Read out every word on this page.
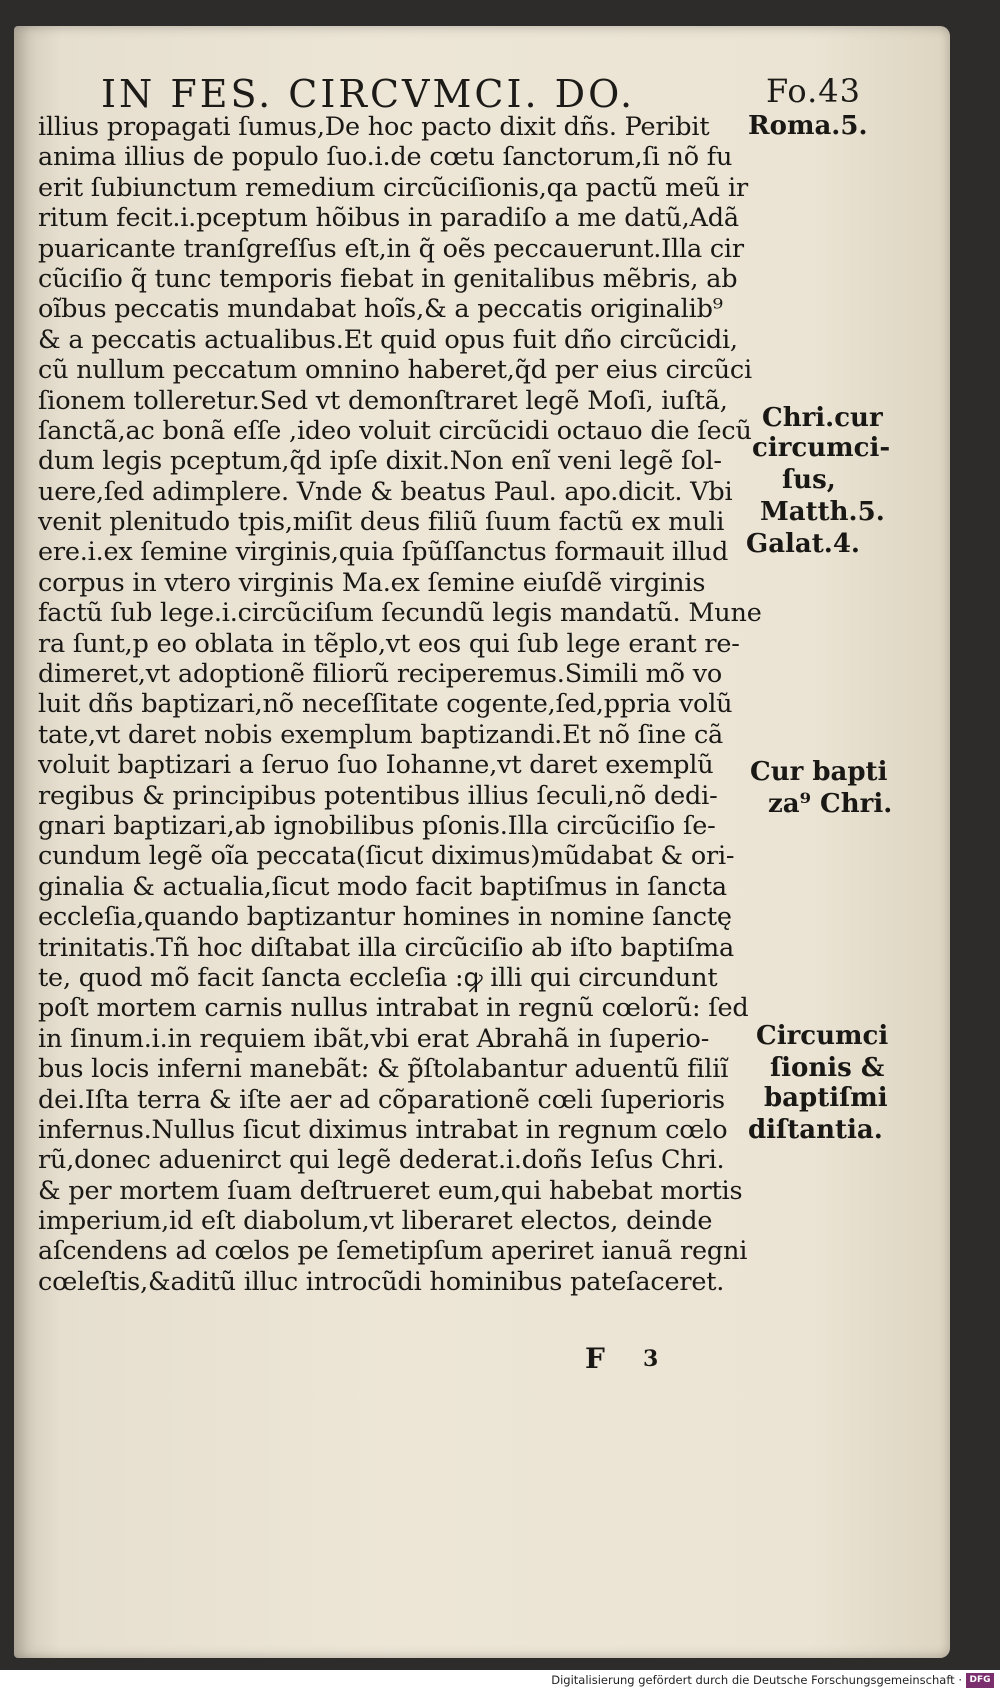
IN FES. CIRCVMCI. DO.	Fo.43
illius propagati ſumus,De hoc pacto dixit dñs. Peribit
anima illius de populo ſuo.i.de cœtu ſanctorum,ſi nõ fu
erit ſubiunctum remedium circũciſionis,qa pactũ meũ ir
ritum fecit.i.pceptum hõibus in paradiſo a me datũ,Adã
puaricante tranſgreſſus eſt,in q̃ oẽs peccauerunt.Illa cir
cũciſio q̃ tunc temporis fiebat in genitalibus mẽbris, ab
oĩbus peccatis mundabat hoĩs,& a peccatis originalib⁹
& a peccatis actualibus.Et quid opus fuit dño circũcidi,
cũ nullum peccatum omnino haberet,q̃d per eius circũci
ſionem tolleretur.Sed vt demonſtraret legẽ Moſi, iuſtã,
ſanctã,ac bonã eſſe ,ideo voluit circũcidi octauo die ſecũ
dum legis pceptum,q̃d ipſe dixit.Non enĩ veni legẽ ſol-
uere,ſed adimplere. Vnde & beatus Paul. apo.dicit. Vbi
venit plenitudo tpis,miſit deus filiũ ſuum factũ ex muli
ere.i.ex ſemine virginis,quia ſpũſſanctus formauit illud
corpus in vtero virginis Ma.ex ſemine eiuſdẽ virginis
factũ ſub lege.i.circũciſum ſecundũ legis mandatũ. Mune
ra ſunt,p eo oblata in tẽplo,vt eos qui ſub lege erant re-
dimeret,vt adoptionẽ filiorũ reciperemus.Simili mõ vo
luit dñs baptizari,nõ neceſſitate cogente,ſed,ppria volũ
tate,vt daret nobis exemplum baptizandi.Et nõ ſine cã
voluit baptizari a ſeruo ſuo Iohanne,vt daret exemplũ
regibus & principibus potentibus illius ſeculi,nõ dedi-
gnari baptizari,ab ignobilibus pſonis.Illa circũciſio ſe-
cundum legẽ oĩa peccata(ſicut diximus)mũdabat & ori-
ginalia & actualia,ſicut modo facit baptiſmus in ſancta
eccleſia,quando baptizantur homines in nomine ſanctę
trinitatis.Tñ hoc diſtabat illa circũciſio ab iſto baptiſma
te, quod mõ facit ſancta eccleſia :ꝙ illi qui circundunt
poſt mortem carnis nullus intrabat in regnũ cœlorũ: ſed
in ſinum.i.in requiem ibãt,vbi erat Abrahã in ſuperio-
bus locis inferni manebãt: & p̃ſtolabantur aduentũ filiĩ
dei.Iſta terra & iſte aer ad cõparationẽ cœli ſuperioris
infernus.Nullus ſicut diximus intrabat in regnum cœlo
rũ,donec aduenirct qui legẽ dederat.i.doñs Ieſus Chri.
& per mortem ſuam deſtrueret eum,qui habebat mortis
imperium,id eſt diabolum,vt liberaret electos, deinde
aſcendens ad cœlos pe ſemetipſum aperiret ianuã regni
cœleſtis,&aditũ illuc introcũdi hominibus pateſaceret.
Roma.5.
Chri.cur
circumci-
ſus,
Matth.5.
Galat.4.
Cur bapti
za⁹ Chri.
Circumci
ſionis &
baptiſmi
diſtantia.
F 3
Digitalisierung gefördert durch die Deutsche Forschungsgemeinschaft · DFG
